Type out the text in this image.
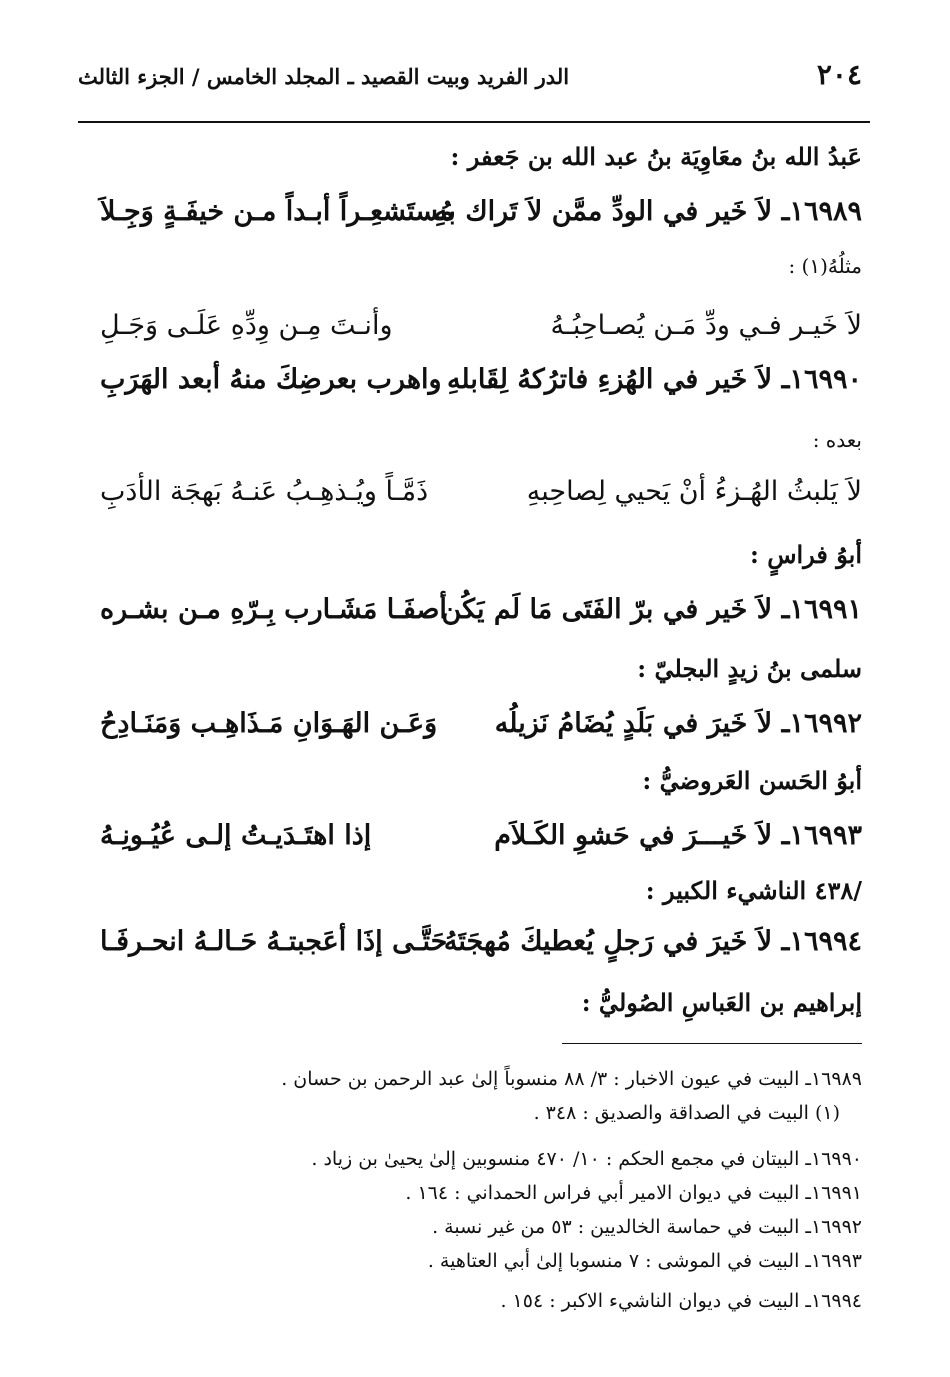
٢٠٤
الدر الفريد وبيت القصيد ـ المجلد الخامس / الجزء الثالث
عَبدُ الله بنُ معَاوِيَة بنُ عبد الله بن جَعفر :
١٦٩٨٩ـ لاَ خَير في الودِّ ممَّن لاَ تَراك بهِ
مُستَشعِـراً أبـداً مـن خيفَـةٍ وَجِـلاَ
مثلُهُ(١) :
لاَ خَيـر فـي ودِّ مَـن يُصـاحِبُـهُ
وأنـتَ مِـن وِدِّهِ عَلَـى وَجَـلِ
١٦٩٩٠ـ لاَ خَير في الهُزءِ فاترُكهُ لِقَابلهِ
واهرب بعرضِكَ منهُ أبعد الهَرَبِ
بعده :
لاَ يَلبثُ الهُـزءُ أنْ يَحيي لِصاحِبهِ
ذَمَّـاً ويُـذهِـبُ عَنـهُ بَهجَة الأدَبِ
أبوُ فراسٍ :
١٦٩٩١ـ لاَ خَير في برّ الفَتَى مَا لَم يَكُن
أصفَـا مَشَـارب بِـرّهِ مـن بشـره
سلمى بنُ زيدٍ البجليّ :
١٦٩٩٢ـ لاَ خَيرَ في بَلَدٍ يُضَامُ نَزيلُه
وَعَـن الهَـوَانِ مَـذَاهِـب وَمَنَـادِحُ
أبوُ الحَسن العَروضيُّ :
١٦٩٩٣ـ لاَ خَيـــرَ في حَشوِ الكَـلاَم
إذا اهتَـدَيـتُ إلـى عُيُـونِـهُ
/٤٣٨ الناشيء الكبير :
١٦٩٩٤ـ لاَ خَيرَ في رَجلٍ يُعطيكَ مُهجَتَهُ
حَتَّـى إذَا أعَجبتـهُ حَـالـهُ انحـرفَـا
إبراهيم بن العَباسِ الصُوليُّ :
١٦٩٨٩ـ البيت في عيون الاخبار : ٣/ ٨٨ منسوباً إلىٰ عبد الرحمن بن حسان .
(١) البيت في الصداقة والصديق : ٣٤٨ .
١٦٩٩٠ـ البيتان في مجمع الحكم : ١٠/ ٤٧٠ منسوبين إلىٰ يحيىٰ بن زياد .
١٦٩٩١ـ البيت في ديوان الامير أبي فراس الحمداني : ١٦٤ .
١٦٩٩٢ـ البيت في حماسة الخالديين : ٥٣ من غير نسبة .
١٦٩٩٣ـ البيت في الموشى : ٧ منسوبا إلىٰ أبي العتاهية .
١٦٩٩٤ـ البيت في ديوان الناشيء الاكبر : ١٥٤ .
